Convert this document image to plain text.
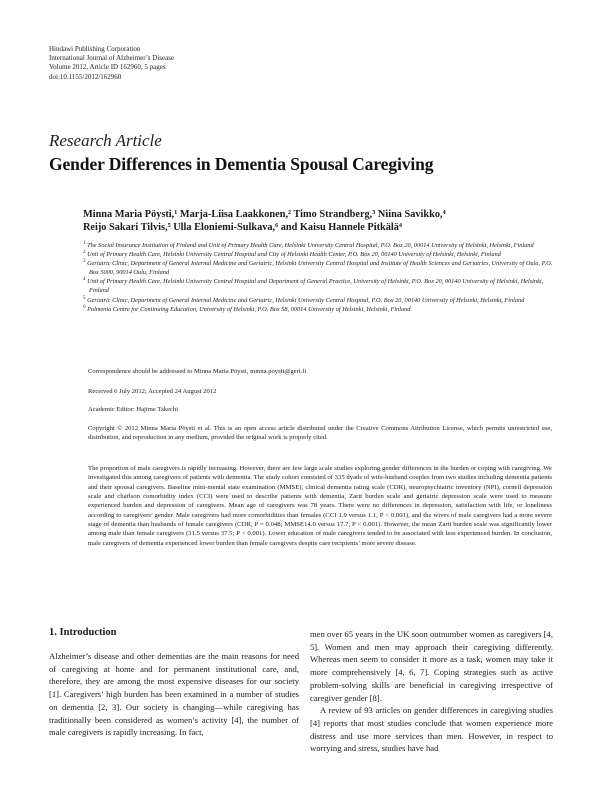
Hindawi Publishing Corporation
International Journal of Alzheimer’s Disease
Volume 2012, Article ID 162960, 5 pages
doi:10.1155/2012/162960
Research Article
Gender Differences in Dementia Spousal Caregiving
Minna Maria Pöysti,¹ Marja-Liisa Laakkonen,² Timo Strandberg,³ Niina Savikko,⁴
Reijo Sakari Tilvis,⁵ Ulla Eloniemi-Sulkava,⁶ and Kaisu Hannele Pitkälä⁴
$^1$ The Social Insurance Institution of Finland and Unit of Primary Health Care, Helsinki University Central Hospital, P.O. Box 20, 00014 University of Helsinki, Helsinki, Finland
$^2$ Unit of Primary Health Care, Helsinki University Central Hospital and City of Helsinki Health Center, P.O. Box 20, 00140 University of Helsinki, Helsinki, Finland
$^3$ Geriatric Clinic, Department of General Internal Medicine and Geriatric, Helsinki University Central Hospital and Institute of Health Sciences and Geriatrics, University of Oulu, P.O. Box 5000, 90014 Oulu, Finland
$^4$ Unit of Primary Health Care, Helsinki University Central Hospital and Department of General Practice, University of Helsinki, P.O. Box 20, 00140 University of Helsinki, Helsinki, Finland
$^5$ Geriatric Clinic, Department of General Internal Medicine and Geriatric, Helsinki University Central Hospital, P.O. Box 20, 00140 University of Helsinki, Helsinki, Finland
$^6$ Palmenia Centre for Continuing Education, University of Helsinki, P.O. Box 58, 00014 University of Helsinki, Helsinki, Finland
Correspondence should be addressed to Minna Maria Pöysti, minna.poysti@geri.fi
Received 6 July 2012; Accepted 24 August 2012
Academic Editor: Hajime Takechi
Copyright © 2012 Minna Maria Pöysti et al. This is an open access article distributed under the Creative Commons Attribution License, which permits unrestricted use, distribution, and reproduction in any medium, provided the original work is properly cited.
The proportion of male caregivers is rapidly increasing. However, there are few large scale studies exploring gender differences in the burden or coping with caregiving. We investigated this among caregivers of patients with dementia. The study cohort consisted of 335 dyads of wife-husband couples from two studies including dementia patients and their spousal caregivers. Baseline mini-mental state examination (MMSE), clinical dementia rating scale (CDR), neuropsychiatric inventory (NPI), cornell depression scale and charlson comorbidity index (CCI) were used to describe patients with dementia, Zarit burden scale and geriatric depression scale were used to measure experienced burden and depression of caregivers. Mean age of caregivers was 78 years. There were no differences in depression, satisfaction with life, or loneliness according to caregivers’ gender. Male caregivers had more comorbidities than females (CCI 1.9 versus 1.1, P < 0.001), and the wives of male caregivers had a more severe stage of dementia than husbands of female caregivers (CDR, P = 0.048; MMSE14.0 versus 17.7, P < 0.001). However, the mean Zarit burden scale was significantly lower among male than female caregivers (31.5 versus 37.5; P < 0.001). Lower education of male caregivers tended to be associated with less experienced burden. In conclusion, male caregivers of dementia experienced lower burden than female caregivers despite care recipients’ more severe disease.
1. Introduction

Alzheimer’s disease and other dementias are the main reasons for need of caregiving at home and for permanent institutional care, and, therefore, they are among the most expensive diseases for our society [1]. Caregivers’ high burden has been examined in a number of studies on dementia [2, 3]. Our society is changing—while caregiving has traditionally been considered as women’s activity [4], the number of male caregivers is rapidly increasing. In fact,

men over 65 years in the UK soon outnumber women as caregivers [4, 5]. Women and men may approach their caregiving differently. Whereas men seem to consider it more as a task, women may take it more comprehensively [4, 6, 7]. Coping strategies such as active problem-solving skills are beneficial in caregiving irrespective of caregiver gender [8].

A review of 93 articles on gender differences in caregiving studies [4] reports that most studies conclude that women experience more distress and use more services than men. However, in respect to worrying and stress, studies have had
